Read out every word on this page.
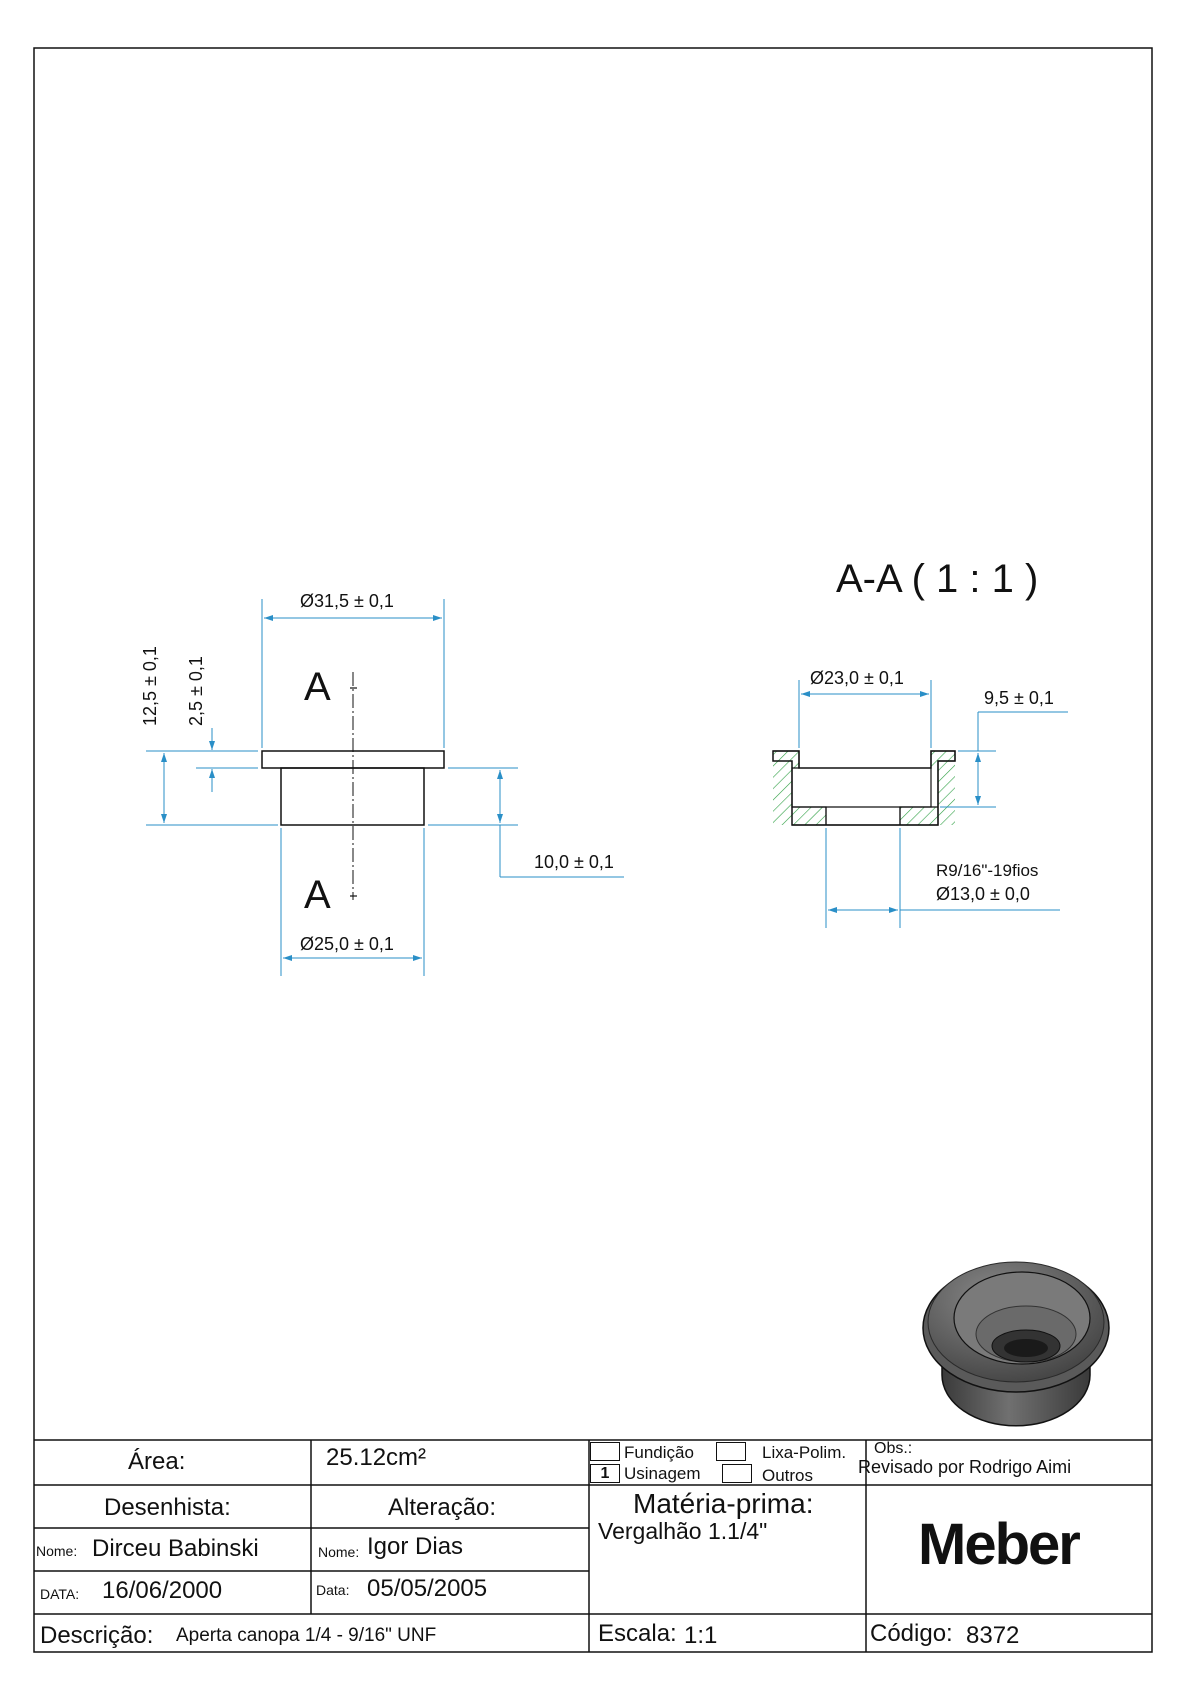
A
A
Ø31,5 ± 0,1
Ø25,0 ± 0,1
10,0 ± 0,1
12,5 ± 0,1 2,5 ± 0,1
A-A ( 1 : 1 )
Ø23,0 ± 0,1
9,5 ± 0,1
R9/16"-19fios
Ø13,0 ± 0,0
Área:	25.12cm²	Fundição	Lixa-Polim.
1 Usinagem	Outros
Obs.:
Revisado por Rodrigo Aimi
Desenhista:	Alteração:	Matéria-prima:
Vergalhão 1.1/4"
Nome: Dirceu Babinski	Nome: Igor Dias
DATA: 16/06/2000	Data: 05/05/2005
Descrição: Aperta canopa 1/4 - 9/16" UNF	Escala: 1:1	Código: 8372
Meber
